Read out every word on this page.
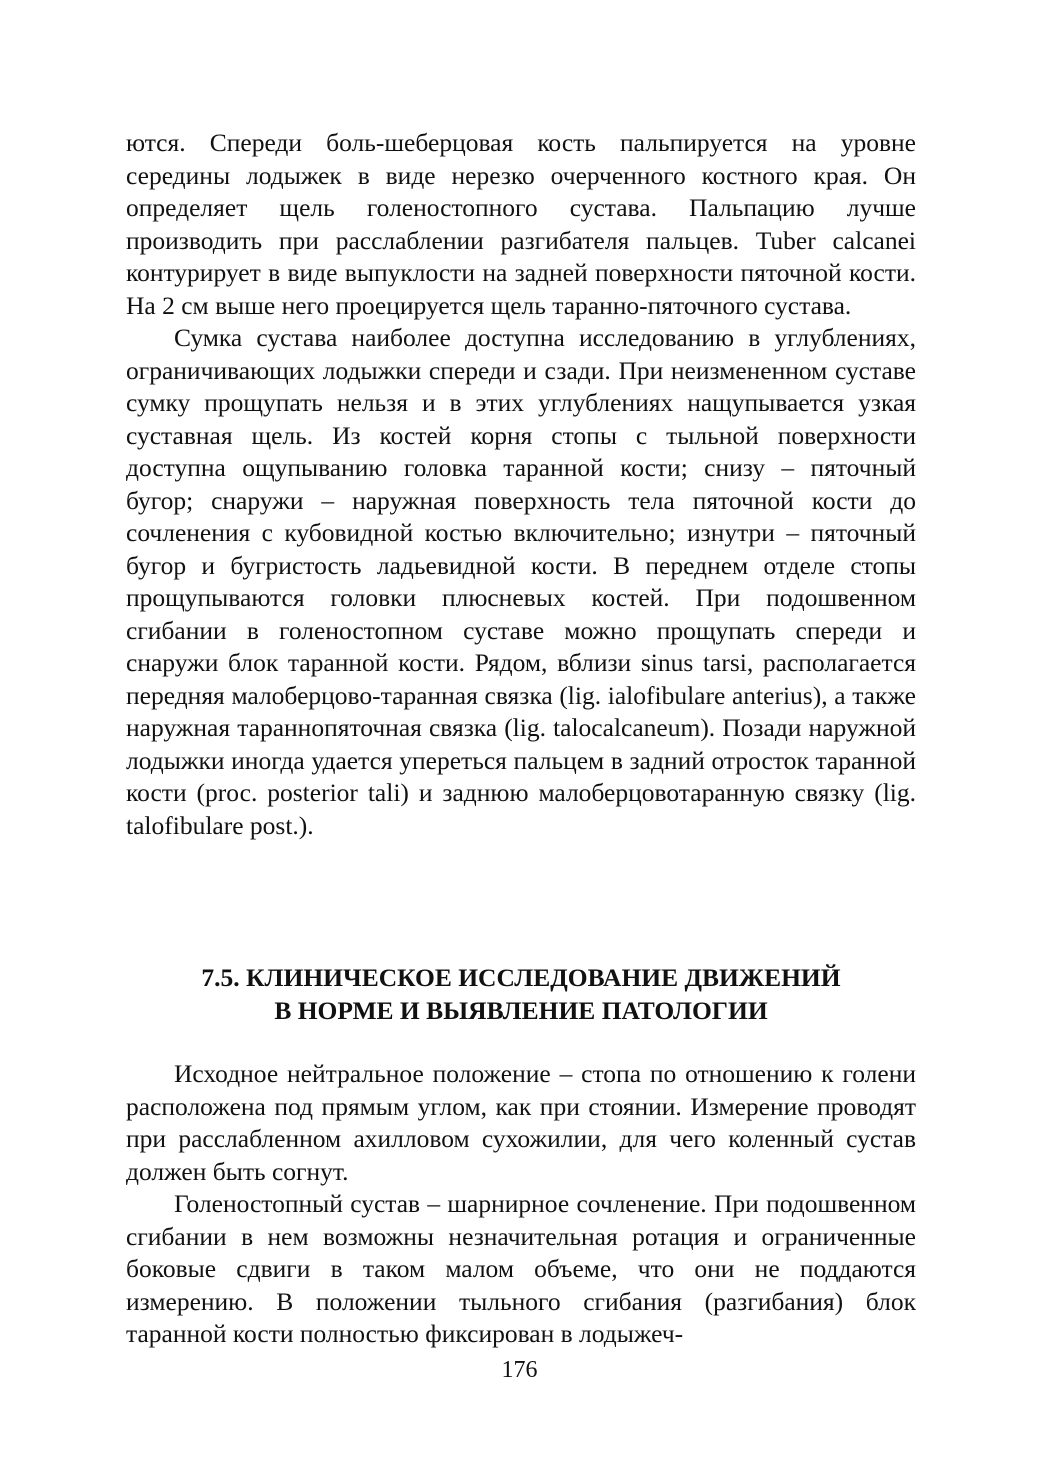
ются. Спереди боль-шеберцовая кость пальпируется на уровне середины лодыжек в виде нерезко очерченного костного края. Он определяет щель голеностопного сустава. Пальпацию лучше производить при расслаблении разгибателя пальцев. Tuber calcanei контурирует в виде выпуклости на задней поверхности пяточной кости. На 2 см выше него проецируется щель таранно-пяточного сустава.

Сумка сустава наиболее доступна исследованию в углублениях, ограничивающих лодыжки спереди и сзади. При неизмененном суставе сумку прощупать нельзя и в этих углублениях нащупывается узкая суставная щель. Из костей корня стопы с тыльной поверхности доступна ощупыванию головка таранной кости; снизу – пяточный бугор; снаружи – наружная поверхность тела пяточной кости до сочленения с кубовидной костью включительно; изнутри – пяточный бугор и бугристость ладьевидной кости. В переднем отделе стопы прощупываются головки плюсневых костей. При подошвенном сгибании в голеностопном суставе можно прощупать спереди и снаружи блок таранной кости. Рядом, вблизи sinus tarsi, располагается передняя малоберцово-таранная связка (lig. ialofibulare anterius), а также наружная тараннопяточная связка (lig. talocalcaneum). Позади наружной лодыжки иногда удается упереться пальцем в задний отросток таранной кости (рrос. posterior tali) и заднюю малоберцовотаранную связку (lig. talofibulare post.).

7.5. КЛИНИЧЕСКОЕ ИССЛЕДОВАНИЕ ДВИЖЕНИЙ
В НОРМЕ И ВЫЯВЛЕНИЕ ПАТОЛОГИИ

Исходное нейтральное положение – стопа по отношению к голени расположена под прямым углом, как при стоянии. Измерение проводят при расслабленном ахилловом сухожилии, для чего коленный сустав должен быть согнут.

Голеностопный сустав – шарнирное сочленение. При подошвенном сгибании в нем возможны незначительная ротация и ограниченные боковые сдвиги в таком малом объеме, что они не поддаются измерению. В положении тыльного сгибания (разгибания) блок таранной кости полностью фиксирован в лодыжеч-

176
